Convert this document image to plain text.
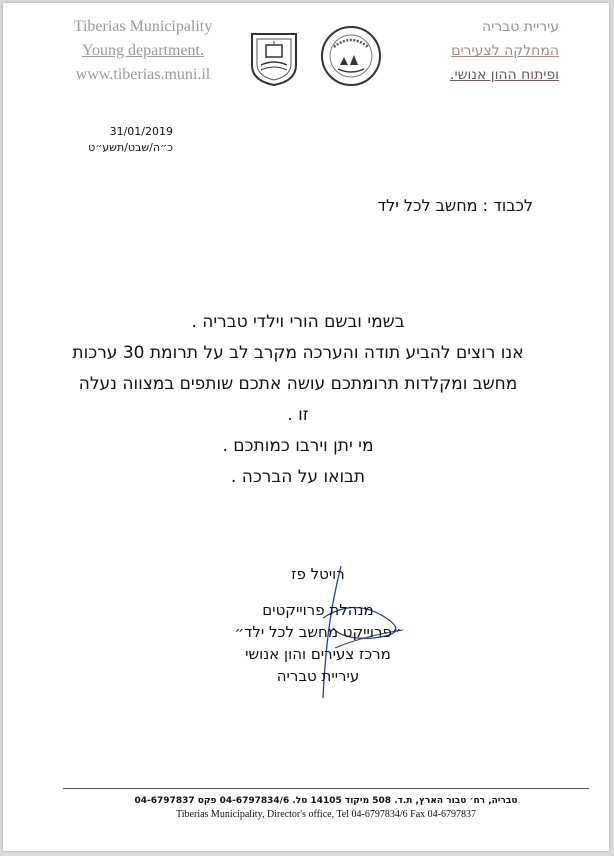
Tiberias Municipality
Young department.
www.tiberias.muni.il
עיריית טבריה
המחלקה לצעירים
ופיתוח ההון אנושי.
31/01/2019
כ״ה/שבט/תשע״ט
לכבוד : מחשב לכל ילד
בשמי ובשם הורי וילדי טבריה .
אנו רוצים להביע תודה והערכה מקרב לב על תרומת 30 ערכות
מחשב ומקלדות תרומתכם עושה אתכם שותפים במצווה נעלה
זו .
מי יתן וירבו כמותכם .
תבואו על הברכה .
רויטל פז
מנהלת פרוייקטים
״פרוייקט מחשב לכל ילד״
מרכז צעירים והון אנושי
עיריית טבריה
טבריה, רח׳ טבור הארץ, ת.ד. 508 מיקוד 14105 טל. 04-6797834/6 פקס 04-6797837
Tiberias Municipality, Director's office, Tel 04-6797834/6 Fax 04-6797837
